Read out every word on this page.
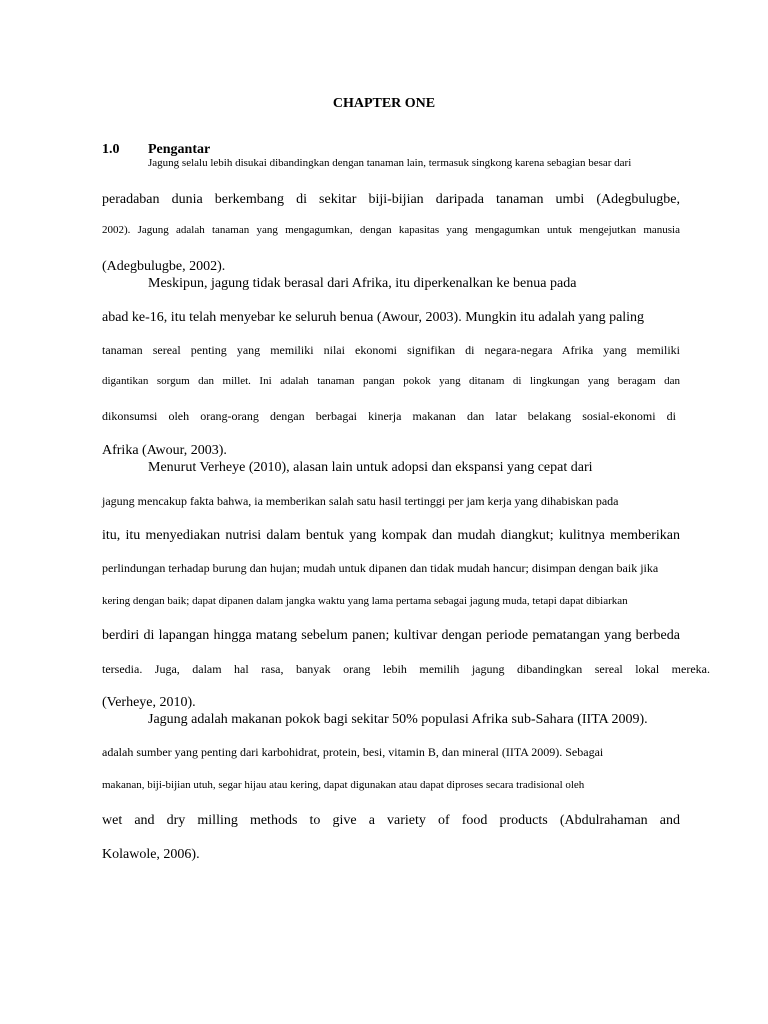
CHAPTER ONE
1.0 Pengantar
Jagung selalu lebih disukai dibandingkan dengan tanaman lain, termasuk singkong karena sebagian besar dari
peradaban dunia berkembang di sekitar biji-bijian daripada tanaman umbi (Adegbulugbe,
2002). Jagung adalah tanaman yang mengagumkan, dengan kapasitas yang mengagumkan untuk mengejutkan manusia
(Adegbulugbe, 2002).
Meskipun, jagung tidak berasal dari Afrika, itu diperkenalkan ke benua pada
abad ke-16, itu telah menyebar ke seluruh benua (Awour, 2003). Mungkin itu adalah yang paling
tanaman sereal penting yang memiliki nilai ekonomi signifikan di negara-negara Afrika yang memiliki
digantikan sorgum dan millet. Ini adalah tanaman pangan pokok yang ditanam di lingkungan yang beragam dan
dikonsumsi oleh orang-orang dengan berbagai kinerja makanan dan latar belakang sosial-ekonomi di
Afrika (Awour, 2003).
Menurut Verheye (2010), alasan lain untuk adopsi dan ekspansi yang cepat dari
jagung mencakup fakta bahwa, ia memberikan salah satu hasil tertinggi per jam kerja yang dihabiskan pada
itu, itu menyediakan nutrisi dalam bentuk yang kompak dan mudah diangkut; kulitnya memberikan
perlindungan terhadap burung dan hujan; mudah untuk dipanen dan tidak mudah hancur; disimpan dengan baik jika
kering dengan baik; dapat dipanen dalam jangka waktu yang lama pertama sebagai jagung muda, tetapi dapat dibiarkan
berdiri di lapangan hingga matang sebelum panen; kultivar dengan periode pematangan yang berbeda
tersedia. Juga, dalam hal rasa, banyak orang lebih memilih jagung dibandingkan sereal lokal mereka.
(Verheye, 2010).
Jagung adalah makanan pokok bagi sekitar 50% populasi Afrika sub-Sahara (IITA 2009).
adalah sumber yang penting dari karbohidrat, protein, besi, vitamin B, dan mineral (IITA 2009). Sebagai
makanan, biji-bijian utuh, segar hijau atau kering, dapat digunakan atau dapat diproses secara tradisional oleh
wet and dry milling methods to give a variety of food products (Abdulrahaman and
Kolawole, 2006).
